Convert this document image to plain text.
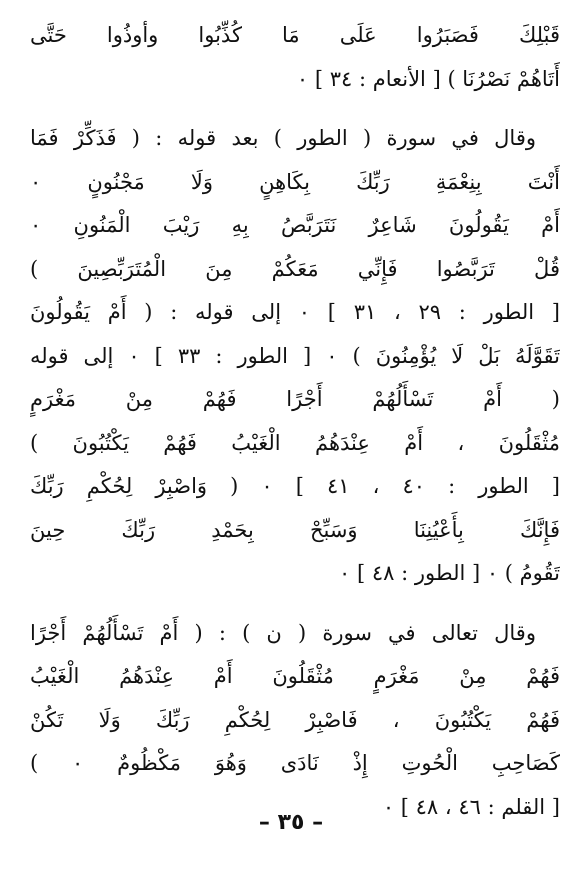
قَبْلِكَ فَصَبَرُوا عَلَى مَا كُذِّبُوا وأوذُوا حَتَّى
أَتَاهُمْ نَصْرُنَا ) [ الأنعام : ٣٤ ] ٠
وقال في سورة ( الطور ) بعد قوله : ( فَذَكِّرْ فَمَا
أَنْتَ بِنِعْمَةِ رَبِّكَ بِكَاهِنٍ وَلَا مَجْنُونٍ ٠
أَمْ يَقُولُونَ شَاعِرٌ نَتَرَبَّصُ بِهِ رَيْبَ الْمَنُونِ ٠
قُلْ تَرَبَّصُوا فَإِنِّي مَعَكُمْ مِنَ الْمُتَرَبِّصِينَ )
[ الطور : ٢٩ ، ٣١ ] ٠ إلى قوله : ( أَمْ يَقُولُونَ
تَقَوَّلَهُ بَلْ لَا يُؤْمِنُونَ ) ٠ [ الطور : ٣٣ ] ٠ إلى قوله
( أَمْ تَسْأَلُهُمْ أَجْرًا فَهُمْ مِنْ مَغْرَمٍ
مُثْقَلُونَ ، أَمْ عِنْدَهُمُ الْغَيْبُ فَهُمْ يَكْتُبُونَ )
[ الطور : ٤٠ ، ٤١ ] ٠ ( وَاصْبِرْ لِحُكْمِ رَبِّكَ
فَإِنَّكَ بِأَعْيُنِنَا وَسَبِّحْ بِحَمْدِ رَبِّكَ حِينَ
تَقُومُ ) ٠ [ الطور : ٤٨ ] ٠
وقال تعالى في سورة ( ن ) : ( أَمْ تَسْأَلُهُمْ أَجْرًا
فَهُمْ مِنْ مَغْرَمٍ مُثْقَلُونَ أَمْ عِنْدَهُمُ الْغَيْبُ
فَهُمْ يَكْتُبُونَ ، فَاصْبِرْ لِحُكْمِ رَبِّكَ وَلَا تَكُنْ
كَصَاحِبِ الْحُوتِ إِذْ نَادَى وَهُوَ مَكْظُومٌ ٠ )
[ القلم : ٤٦ ، ٤٨ ] ٠
– ٣٥ –
